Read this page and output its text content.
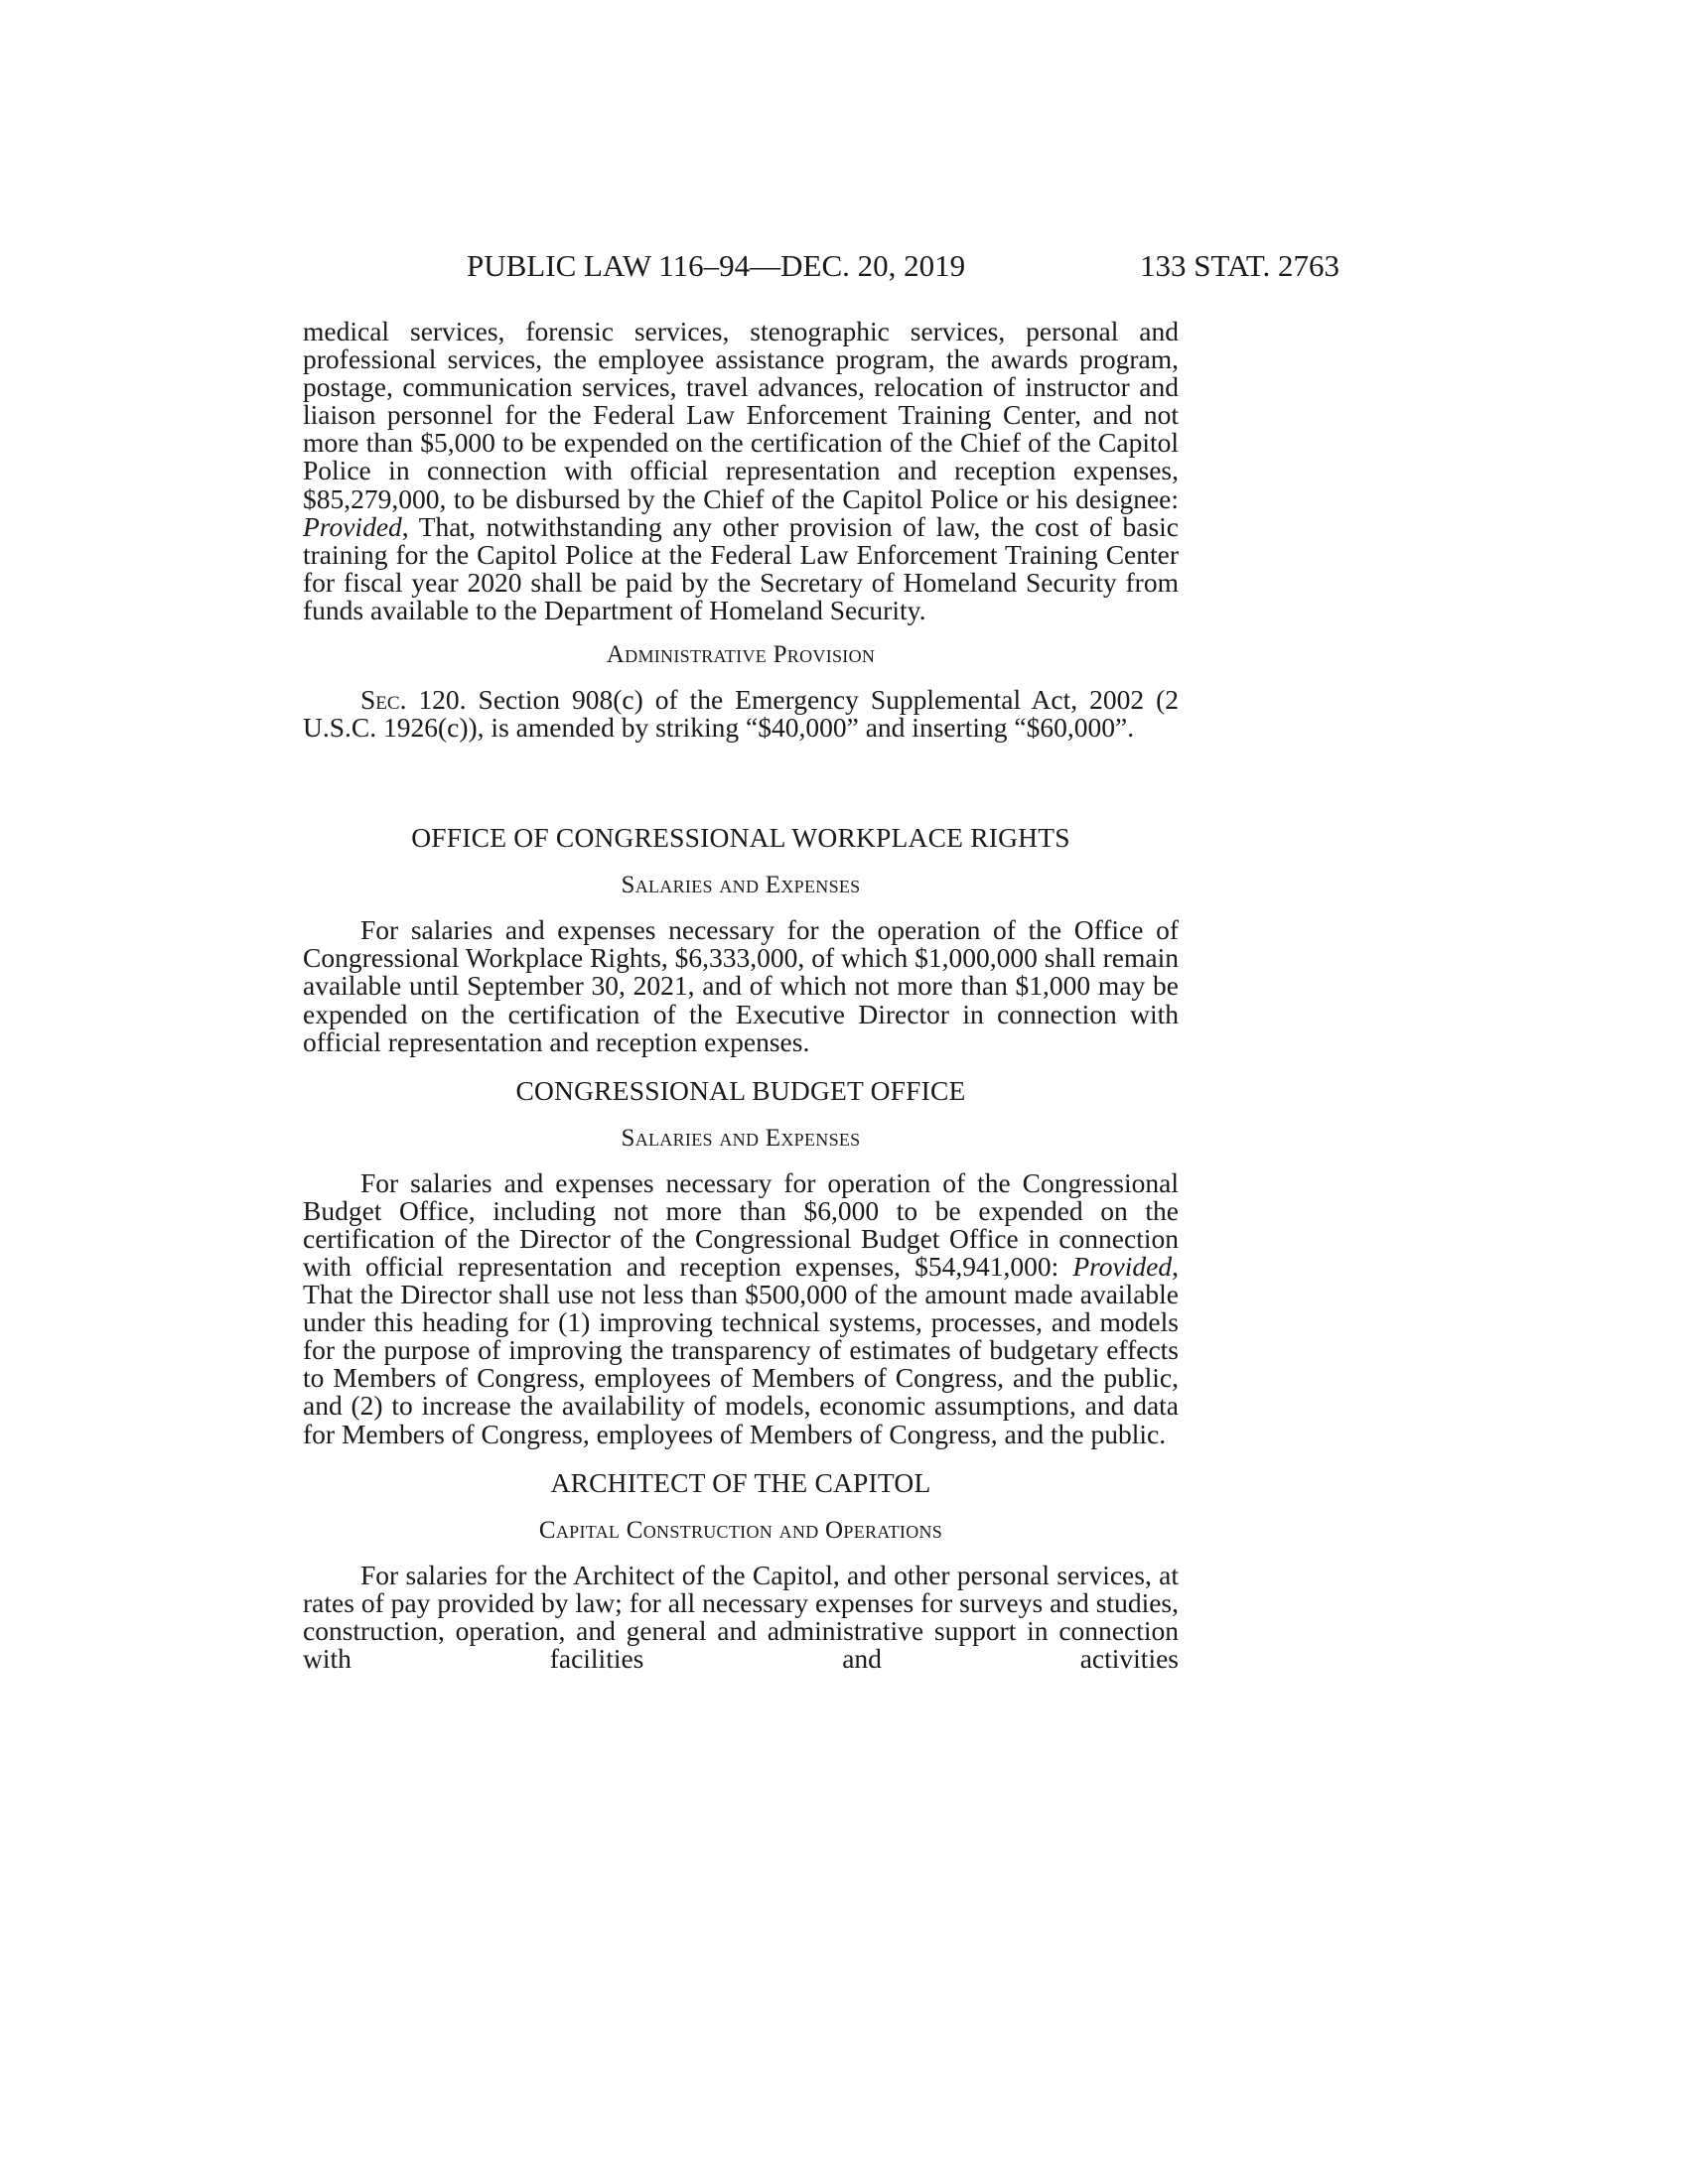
PUBLIC LAW 116–94—DEC. 20, 2019	133 STAT. 2763

medical services, forensic services, stenographic services, personal and professional services, the employee assistance program, the awards program, postage, communication services, travel advances, relocation of instructor and liaison personnel for the Federal Law Enforcement Training Center, and not more than $5,000 to be expended on the certification of the Chief of the Capitol Police in connection with official representation and reception expenses, $85,279,000, to be disbursed by the Chief of the Capitol Police or his designee: Provided, That, notwithstanding any other provision of law, the cost of basic training for the Capitol Police at the Federal Law Enforcement Training Center for fiscal year 2020 shall be paid by the Secretary of Homeland Security from funds available to the Department of Homeland Security.

Administrative Provision

Sec. 120. Section 908(c) of the Emergency Supplemental Act, 2002 (2 U.S.C. 1926(c)), is amended by striking “$40,000” and inserting “$60,000”.

OFFICE OF CONGRESSIONAL WORKPLACE RIGHTS
Salaries and Expenses

For salaries and expenses necessary for the operation of the Office of Congressional Workplace Rights, $6,333,000, of which $1,000,000 shall remain available until September 30, 2021, and of which not more than $1,000 may be expended on the certification of the Executive Director in connection with official representation and reception expenses.

CONGRESSIONAL BUDGET OFFICE
Salaries and Expenses

For salaries and expenses necessary for operation of the Congressional Budget Office, including not more than $6,000 to be expended on the certification of the Director of the Congressional Budget Office in connection with official representation and reception expenses, $54,941,000: Provided, That the Director shall use not less than $500,000 of the amount made available under this heading for (1) improving technical systems, processes, and models for the purpose of improving the transparency of estimates of budgetary effects to Members of Congress, employees of Members of Congress, and the public, and (2) to increase the availability of models, economic assumptions, and data for Members of Congress, employees of Members of Congress, and the public.

ARCHITECT OF THE CAPITOL
Capital Construction and Operations

For salaries for the Architect of the Capitol, and other personal services, at rates of pay provided by law; for all necessary expenses for surveys and studies, construction, operation, and general and administrative support in connection with facilities and activities
